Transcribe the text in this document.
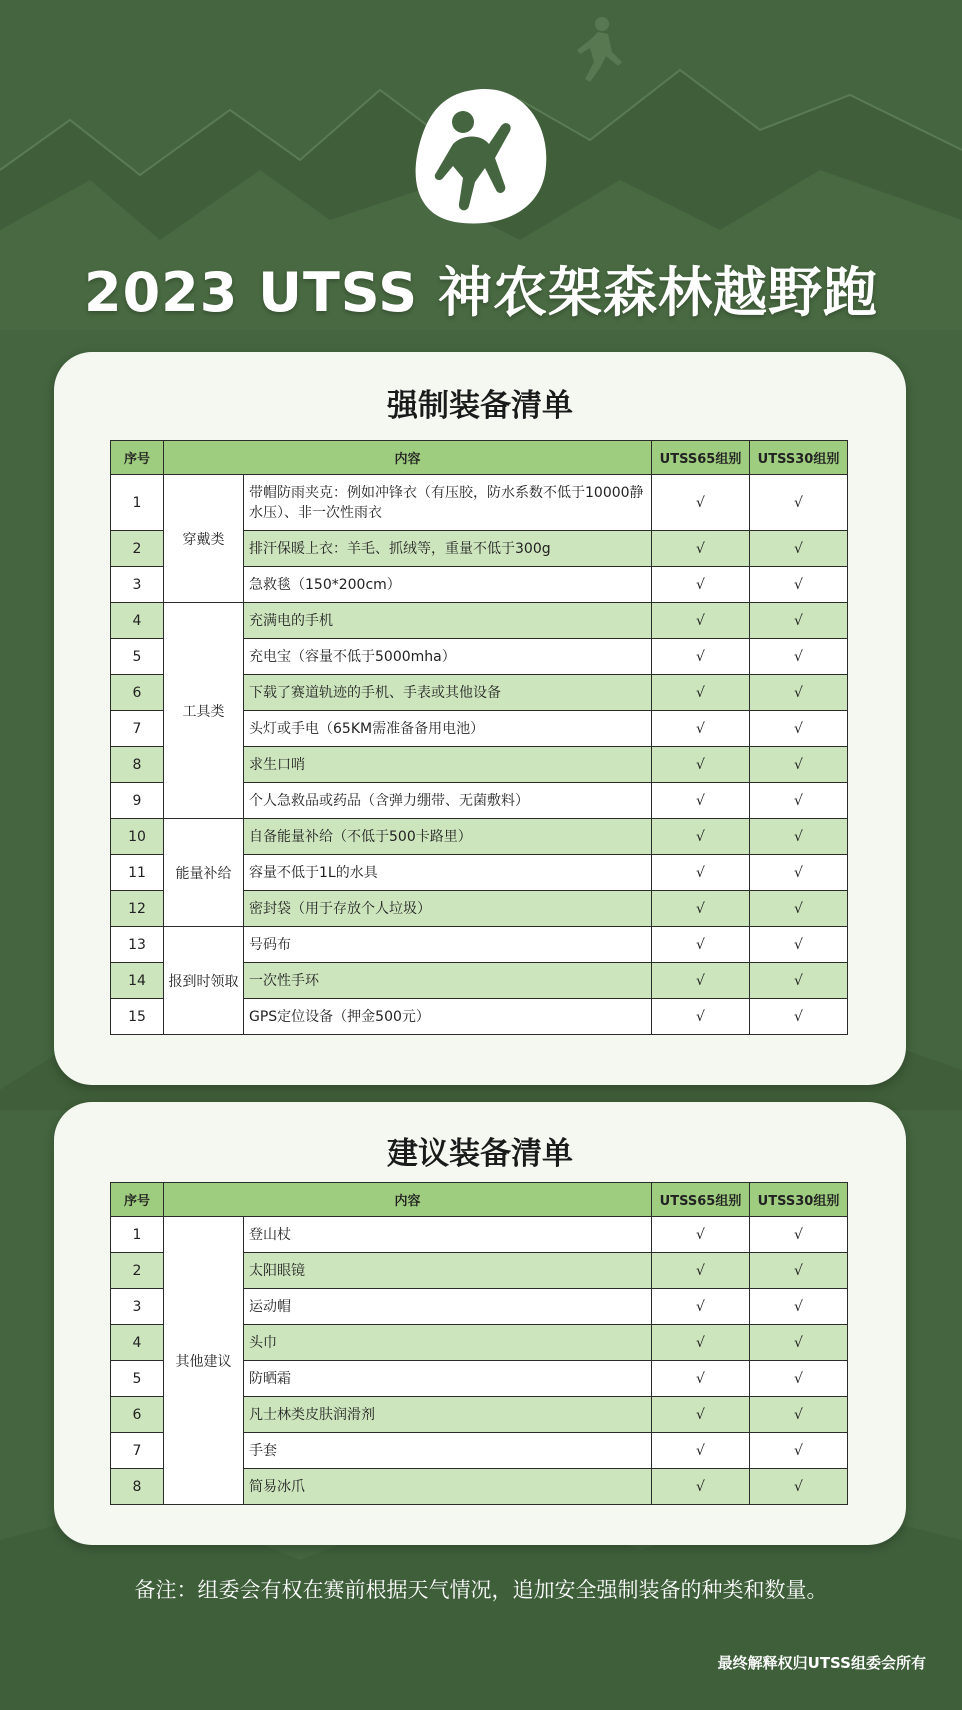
2023 UTSS 神农架森林越野跑
强制装备清单
序号	内容		UTSS65组别	UTSS30组别
1	穿戴类	带帽防雨夹克：例如冲锋衣（有压胶，防水系数不低于10000静水压）、非一次性雨衣	√	√
2		排汗保暖上衣：羊毛、抓绒等，重量不低于300g	√	√
3		急救毯（150*200cm）	√	√
4	工具类	充满电的手机	√	√
5		充电宝（容量不低于5000mha）	√	√
6		下载了赛道轨迹的手机、手表或其他设备	√	√
7		头灯或手电（65KM需准备备用电池）	√	√
8		求生口哨	√	√
9		个人急救品或药品（含弹力绷带、无菌敷料）	√	√
10	能量补给	自备能量补给（不低于500卡路里）	√	√
11		容量不低于1L的水具	√	√
12		密封袋（用于存放个人垃圾）	√	√
13	报到时领取	号码布	√	√
14		一次性手环	√	√
15		GPS定位设备（押金500元）	√	√
建议装备清单
序号	内容		UTSS65组别	UTSS30组别
1	其他建议	登山杖	√	√
2		太阳眼镜	√	√
3		运动帽	√	√
4		头巾	√	√
5		防晒霜	√	√
6		凡士林类皮肤润滑剂	√	√
7		手套	√	√
8		简易冰爪	√	√
备注：组委会有权在赛前根据天气情况，追加安全强制装备的种类和数量。
最终解释权归UTSS组委会所有
